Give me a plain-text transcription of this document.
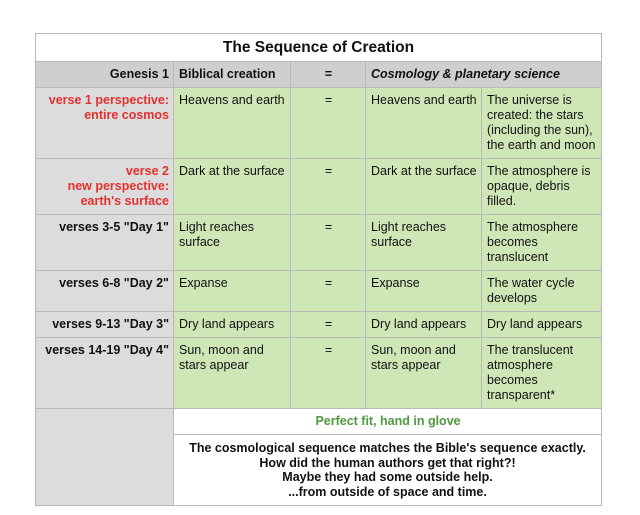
The Sequence of Creation				
Genesis 1	Biblical creation	=	Cosmology & planetary science	

verse 1 perspective:
entire cosmos	Heavens and earth	=	Heavens and earth	The universe is created: the stars (including the sun), the earth and moon

verse 2
new perspective:
earth's surface	Dark at the surface	=	Dark at the surface	The atmosphere is opaque, debris filled.

verses 3-5 "Day 1"	Light reaches surface	=	Light reaches surface	The atmosphere becomes translucent

verses 6-8 "Day 2"	Expanse	=	Expanse	The water cycle develops

verses 9-13 "Day 3"	Dry land appears	=	Dry land appears	Dry land appears

verses 14-19 "Day 4"	Sun, moon and stars appear	=	Sun, moon and stars appear	The translucent atmosphere becomes transparent*
	Perfect fit, hand in glove			

	The cosmological sequence matches the Bible's sequence exactly.
How did the human authors get that right?!
Maybe they had some outside help.
...from outside of space and time.			
